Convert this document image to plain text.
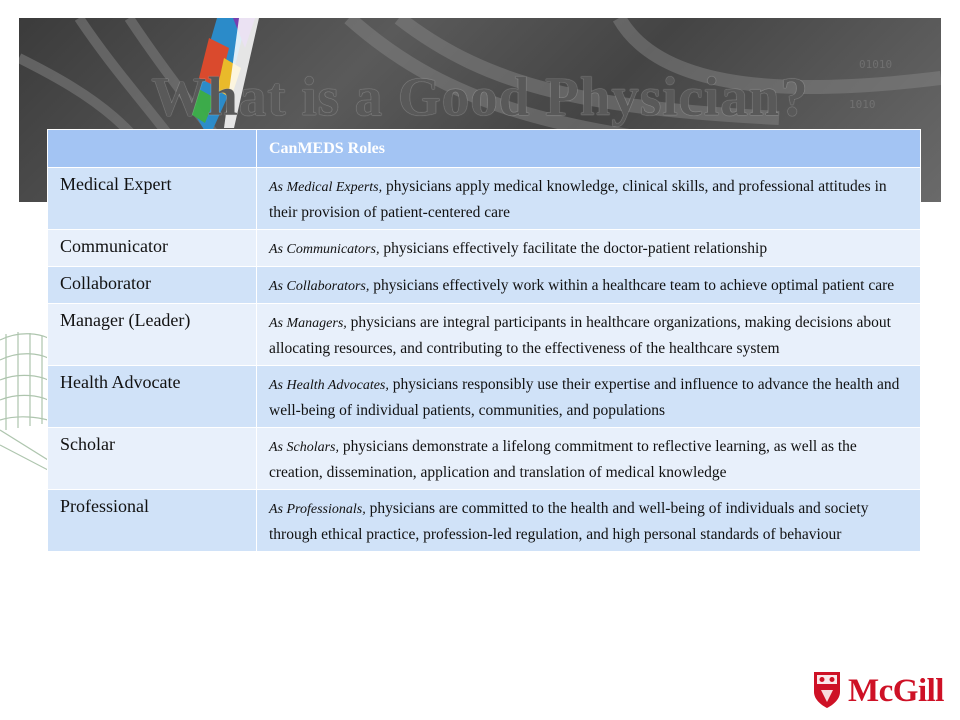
01010
1010
What is a Good Physician?
	CanMEDS Roles
Medical Expert	As Medical Experts, physicians apply medical knowledge, clinical skills, and professional attitudes in their provision of patient-centered care
Communicator	As Communicators, physicians effectively facilitate the doctor-patient relationship
Collaborator	As Collaborators, physicians effectively work within a healthcare team to achieve optimal patient care
Manager (Leader)	As Managers, physicians are integral participants in healthcare organizations, making decisions about allocating resources, and contributing to the effectiveness of the healthcare system
Health Advocate	As Health Advocates, physicians responsibly use their expertise and influence to advance the health and well-being of individual patients, communities, and populations
Scholar	As Scholars, physicians demonstrate a lifelong commitment to reflective learning, as well as the creation, dissemination, application and translation of medical knowledge
Professional	As Professionals, physicians are committed to the health and well-being of individuals and society through ethical practice, profession-led regulation, and high personal standards of behaviour
McGill
